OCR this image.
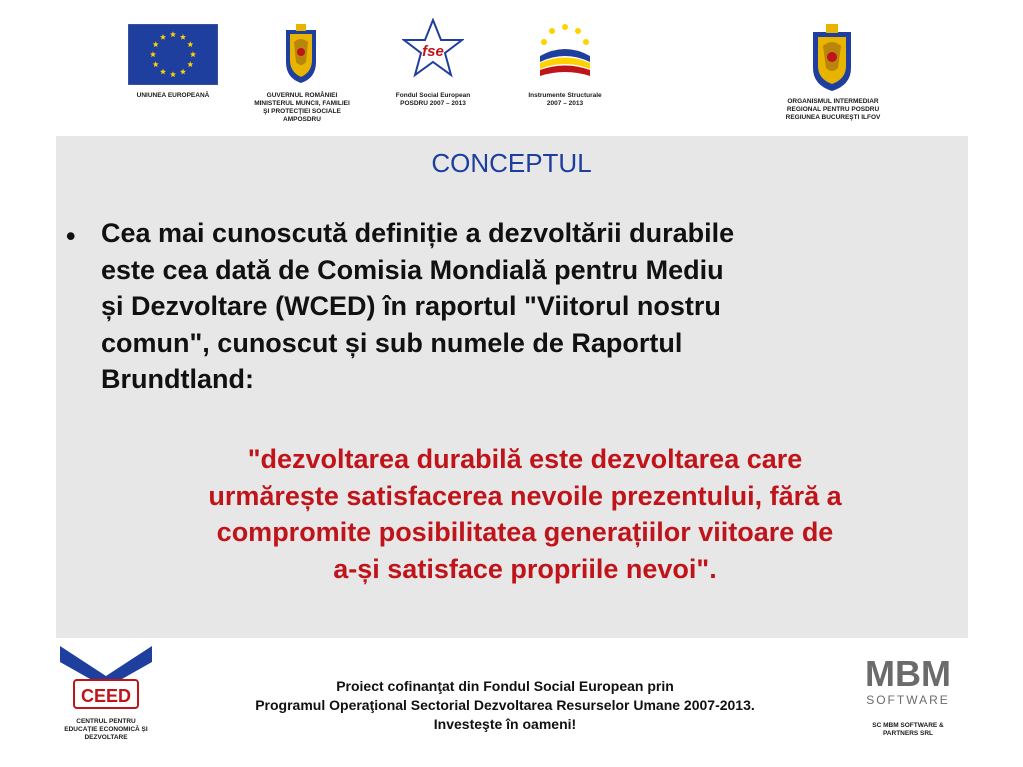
UNIUNEA EUROPEANĂ	GUVERNUL ROMÂNIEI
MINISTERUL MUNCII, FAMILIEI
ŞI PROTECŢIEI SOCIALE
AMPOSDRU
fse
Fondul Social European
POSDRU 2007 – 2013
Instrumente Structurale
2007 – 2013	ORGANISMUL INTERMEDIAR
REGIONAL PENTRU POSDRU
REGIUNEA BUCUREŞTI ILFOV
CONCEPTUL
• Cea mai cunoscută definiție a dezvoltării durabile
este cea dată de Comisia Mondială pentru Mediu
și Dezvoltare (WCED) în raportul "Viitorul nostru
comun", cunoscut și sub numele de Raportul
Brundtland:
"dezvoltarea durabilă este dezvoltarea care
urmărește satisfacerea nevoile prezentului, fără a
compromite posibilitatea generațiilor viitoare de
a-și satisface propriile nevoi".
CEED
CENTRUL PENTRU
EDUCAȚIE ECONOMICĂ ȘI
DEZVOLTARE
Proiect cofinanţat din Fondul Social European prin
Programul Operaţional Sectorial Dezvoltarea Resurselor Umane 2007-2013.
Investeşte în oameni!
MBM
SOFTWARE
SC MBM SOFTWARE &
PARTNERS SRL
